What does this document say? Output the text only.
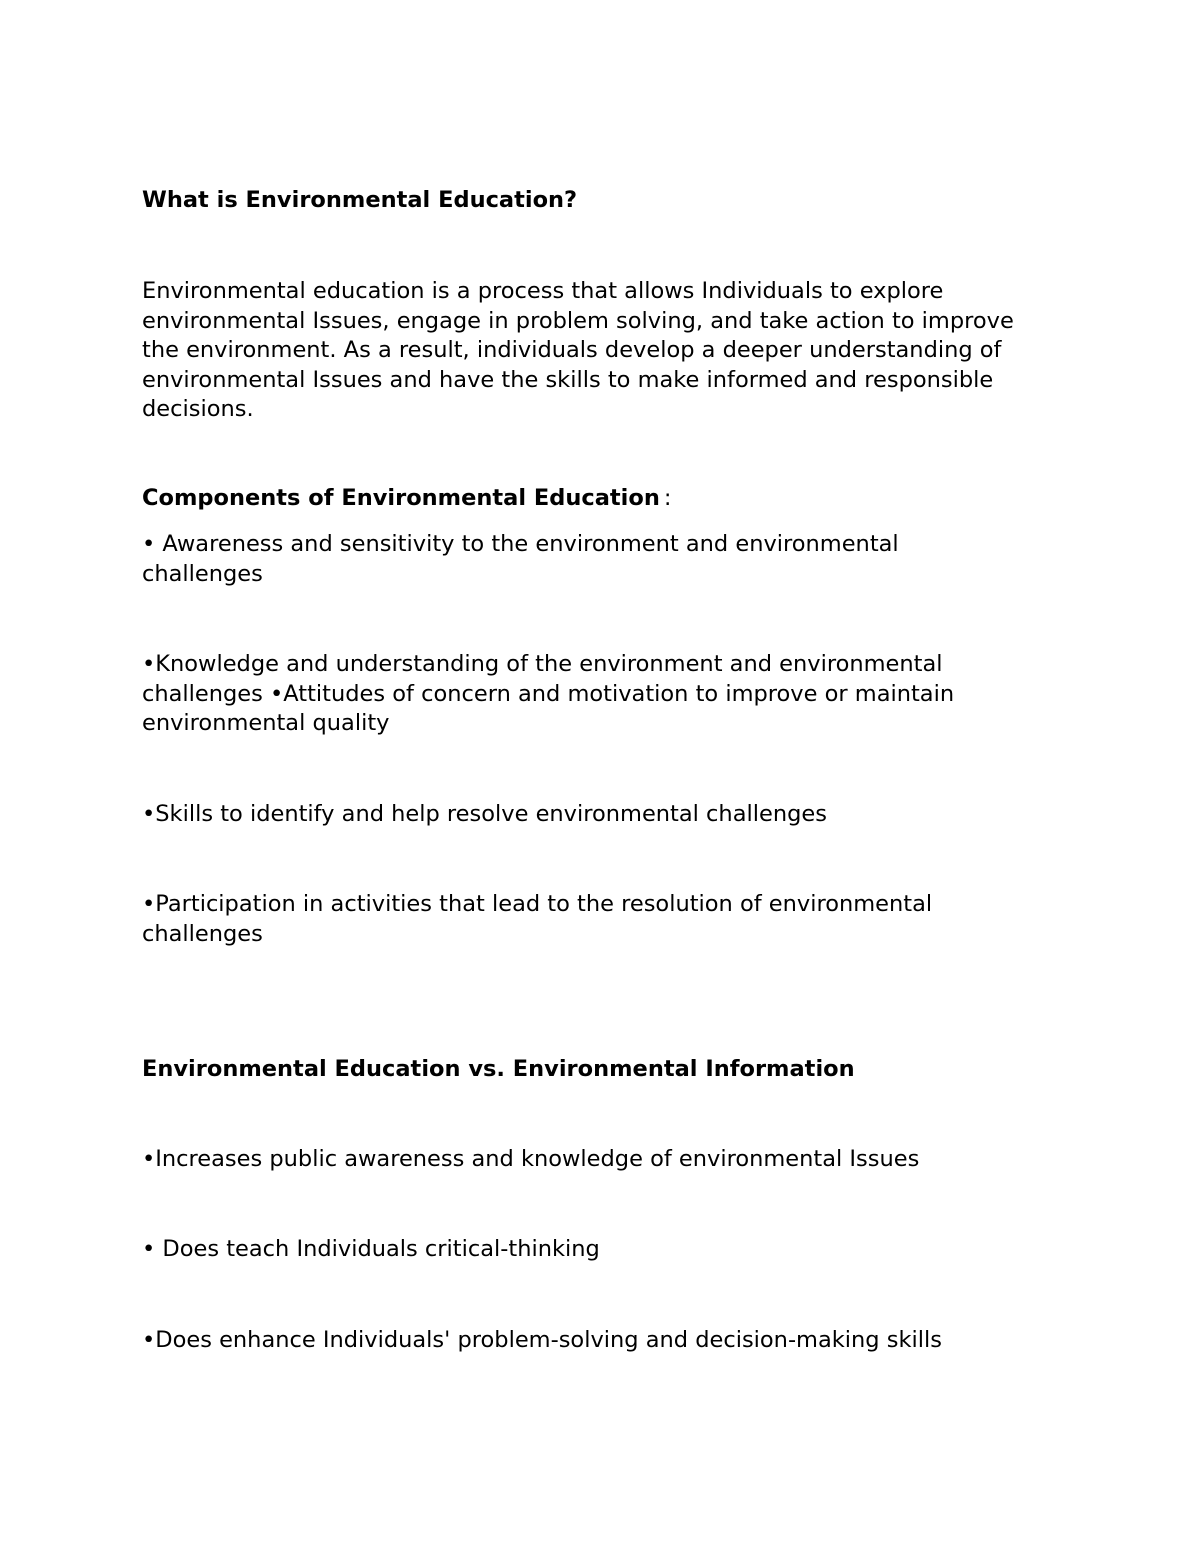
What is Environmental Education?
Environmental education is a process that allows Individuals to explore
environmental Issues, engage in problem solving, and take action to improve
the environment. As a result, individuals develop a deeper understanding of
environmental Issues and have the skills to make informed and responsible
decisions.
Components of Environmental Education :
• Awareness and sensitivity to the environment and environmental
challenges
•Knowledge and understanding of the environment and environmental
challenges •Attitudes of concern and motivation to improve or maintain
environmental quality
•Skills to identify and help resolve environmental challenges
•Participation in activities that lead to the resolution of environmental
challenges
Environmental Education vs. Environmental Information
•Increases public awareness and knowledge of environmental Issues
• Does teach Individuals critical-thinking
•Does enhance Individuals' problem-solving and decision-making skills
